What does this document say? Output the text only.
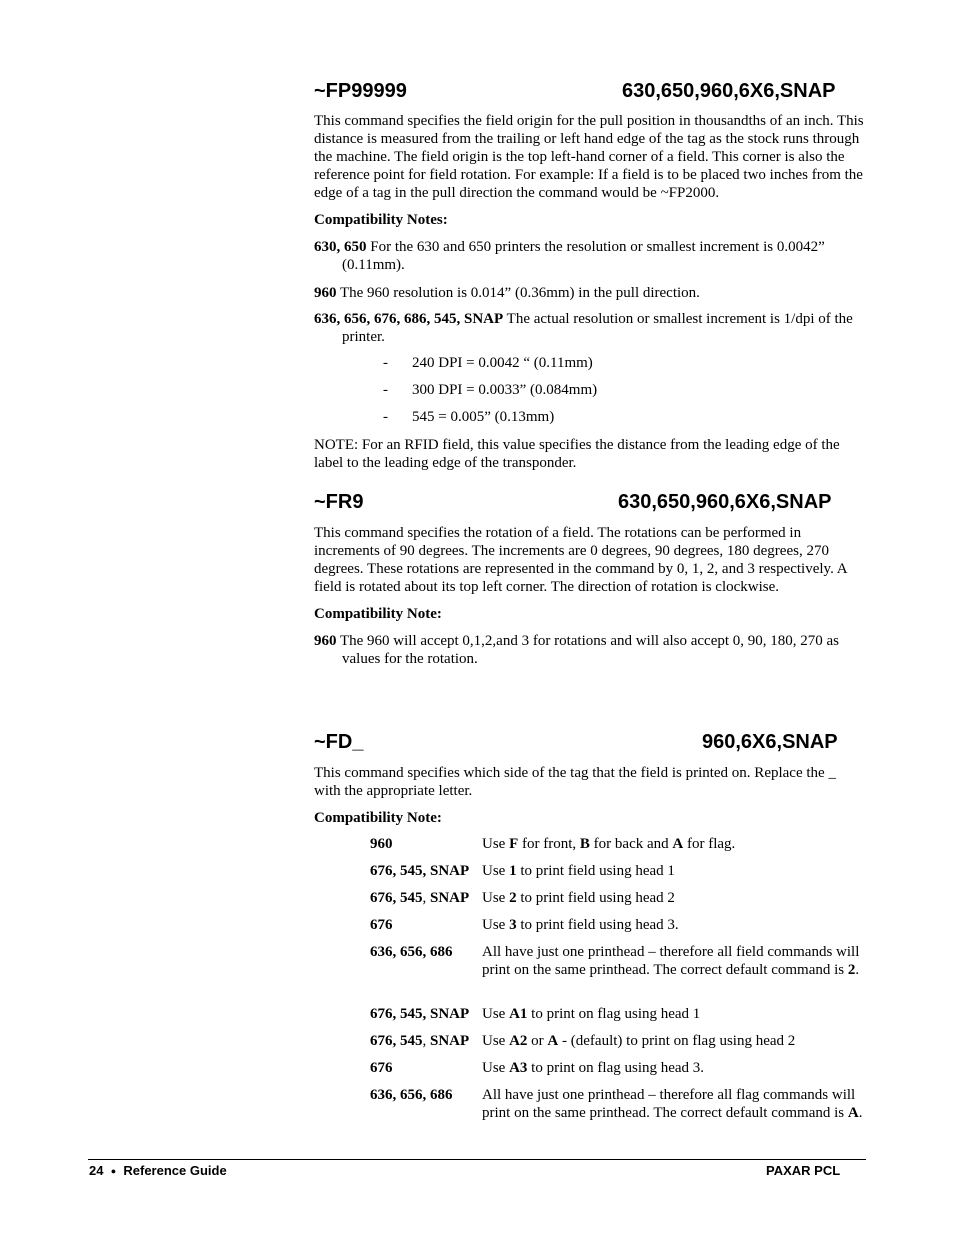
~FP99999	630,650,960,6X6,SNAP
This command specifies the field origin for the pull position in thousandths of an inch. This distance is measured from the trailing or left hand edge of the tag as the stock runs through the machine. The field origin is the top left-hand corner of a field. This corner is also the reference point for field rotation. For example: If a field is to be placed two inches from the edge of a tag in the pull direction the command would be ~FP2000.
Compatibility Notes:
630, 650 For the 630 and 650 printers the resolution or smallest increment is 0.0042” (0.11mm).
960 The 960 resolution is 0.014” (0.36mm) in the pull direction.
636, 656, 676, 686, 545, SNAP The actual resolution or smallest increment is 1/dpi of the printer.
- 240 DPI = 0.0042 “ (0.11mm)
- 300 DPI = 0.0033” (0.084mm)
- 545 = 0.005” (0.13mm)
NOTE: For an RFID field, this value specifies the distance from the leading edge of the label to the leading edge of the transponder.
~FR9	630,650,960,6X6,SNAP
This command specifies the rotation of a field. The rotations can be performed in increments of 90 degrees. The increments are 0 degrees, 90 degrees, 180 degrees, 270 degrees. These rotations are represented in the command by 0, 1, 2, and 3 respectively. A field is rotated about its top left corner. The direction of rotation is clockwise.
Compatibility Note:
960 The 960 will accept 0,1,2,and 3 for rotations and will also accept 0, 90, 180, 270 as values for the rotation.
~FD_	960,6X6,SNAP
This command specifies which side of the tag that the field is printed on. Replace the _ with the appropriate letter.
Compatibility Note:
960	Use F for front, B for back and A for flag.
676, 545, SNAP Use 1 to print field using head 1
676, 545, SNAP Use 2 to print field using head 2
676	Use 3 to print field using head 3.
636, 656, 686	All have just one printhead – therefore all field commands will print on the same printhead. The correct default command is 2.
676, 545, SNAP Use A1 to print on flag using head 1
676, 545, SNAP Use A2 or A - (default) to print on flag using head 2
676	Use A3 to print on flag using head 3.
636, 656, 686	All have just one printhead – therefore all flag commands will print on the same printhead. The correct default command is A.
24 ● Reference Guide	PAXAR PCL
